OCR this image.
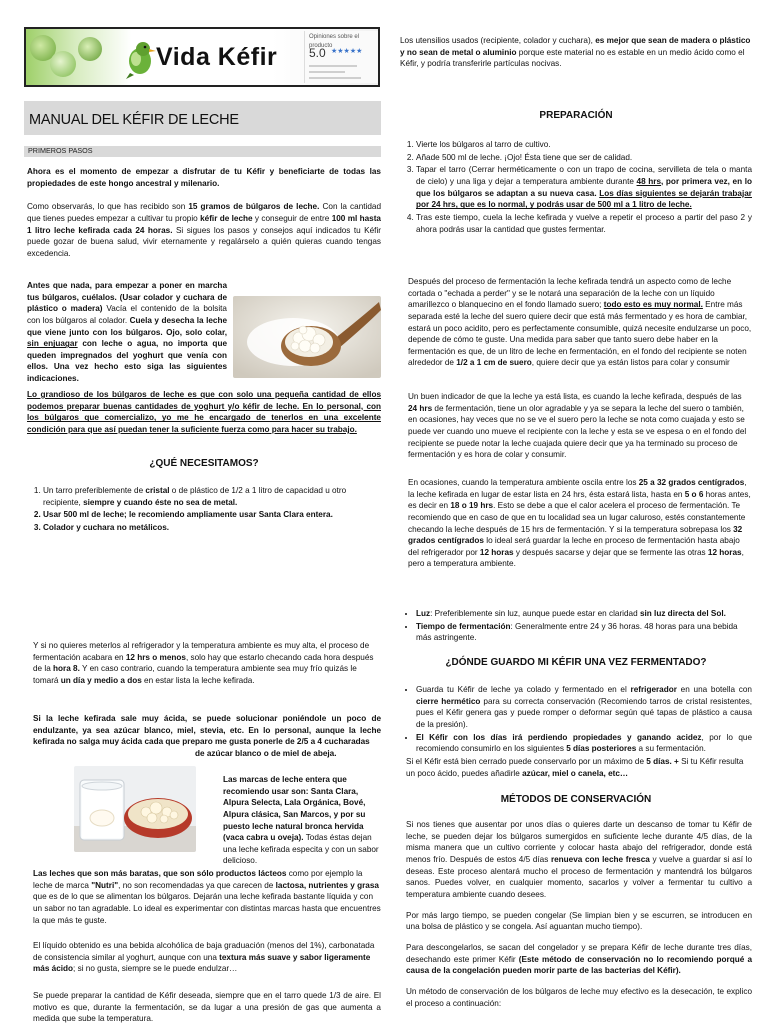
Vida Kéfir
Opiniones sobre el producto
5.0 ★★★★★
MANUAL DEL KÉFIR DE LECHE
PRIMEROS PASOS

Ahora es el momento de empezar a disfrutar de tu Kéfir y beneficiarte de todas las propiedades de este hongo ancestral y milenario.

Como observarás, lo que has recibido son 15 gramos de búlgaros de leche. Con la cantidad que tienes puedes empezar a cultivar tu propio kéfir de leche y conseguir de entre 100 ml hasta 1 litro leche kefirada cada 24 horas. Si sigues los pasos y consejos aquí indicados tu Kéfir puede gozar de buena salud, vivir eternamente y regalárselo a quién quieras cuando tengas excedencia.

Antes que nada, para empezar a poner en marcha tus búlgaros, cuélalos. (Usar colador y cuchara de plástico o madera) Vacía el contenido de la bolsita con los búlgaros al colador. Cuela y desecha la leche que viene junto con los búlgaros. Ojo, solo colar, sin enjuagar con leche o agua, no importa que queden impregnados del yoghurt que venía con ellos. Una vez hecho esto siga las siguientes indicaciones.

Lo grandioso de los búlgaros de leche es que con solo una pequeña cantidad de ellos podemos preparar buenas cantidades de yoghurt y/o kéfir de leche. En lo personal, con los búlgaros que comercializo, yo me he encargado de tenerlos en una excelente condición para que así puedan tener la suficiente fuerza como para hacer su trabajo.

¿QUÉ NECESITAMOS?
1. Un tarro preferiblemente de cristal o de plástico de 1/2 a 1 litro de capacidad u otro recipiente, siempre y cuando éste no sea de metal.
2. Usar 500 ml de leche; le recomiendo ampliamente usar Santa Clara entera.
3. Colador y cuchara no metálicos.

Los utensilios usados (recipiente, colador y cuchara), es mejor que sean de madera o plástico y no sean de metal o aluminio porque este material no es estable en un medio ácido como el Kéfir, y podría transferirle partículas nocivas.

PREPARACIÓN
1. Vierte los búlgaros al tarro de cultivo.
2. Añade 500 ml de leche. ¡Ojo! Ésta tiene que ser de calidad.
3. Tapar el tarro (Cerrar herméticamente o con un trapo de cocina, servilleta de tela o manta de cielo) y una liga y dejar a temperatura ambiente durante 48 hrs, por primera vez, en lo que los búlgaros se adaptan a su nueva casa. Los días siguientes se dejarán trabajar por 24 hrs, que es lo normal, y podrás usar de 500 ml a 1 litro de leche.
4. Tras este tiempo, cuela la leche kefirada y vuelve a repetir el proceso a partir del paso 2 y ahora podrás usar la cantidad que gustes fermentar.

Después del proceso de fermentación la leche kefirada tendrá un aspecto como de leche cortada o "echada a perder" y se le notará una separación de la leche con un líquido amarillezco o blanquecino en el fondo llamado suero; todo esto es muy normal. Entre más separada esté la leche del suero quiere decir que está más fermentado y es hora de cambiar, estará un poco acidito, pero es perfectamente consumible, quizá necesite endulzarse un poco, depende de cómo te guste. Una medida para saber que tanto suero debe haber en la fermentación es que, de un litro de leche en fermentación, en el fondo del recipiente se noten alrededor de 1/2 a 1 cm de suero, quiere decir que ya están listos para colar y consumir

Un buen indicador de que la leche ya está lista, es cuando la leche kefirada, después de las 24 hrs de fermentación, tiene un olor agradable y ya se separa la leche del suero o también, en ocasiones, hay veces que no se ve el suero pero la leche se nota como cuajada y esto se puede ver cuando uno mueve el recipiente con la leche y esta se ve espesa o en el fondo del recipiente se puede notar la leche cuajada quiere decir que ya ha terminado su proceso de fermentación y es hora de colar y consumir.

En ocasiones, cuando la temperatura ambiente oscila entre los 25 a 32 grados centígrados, la leche kefirada en lugar de estar lista en 24 hrs, ésta estará lista, hasta en 5 o 6 horas antes, es decir en 18 o 19 hrs. Esto se debe a que el calor acelera el proceso de fermentación. Te recomiendo que en caso de que en tu localidad sea un lugar caluroso, estés constantemente checando la leche después de 15 hrs de fermentación. Y si la temperatura sobrepasa los 32 grados centígrados lo ideal será guardar la leche en proceso de fermentación hasta abajo del refrigerador por 12 horas y después sacarse y dejar que se fermente las otras 12 horas, pero a temperatura ambiente.

Y si no quieres meterlos al refrigerador y la temperatura ambiente es muy alta, el proceso de fermentación acabara en 12 hrs o menos, solo hay que estarlo checando cada hora después de la hora 8. Y en caso contrario, cuando la temperatura ambiente sea muy frío quizás le tomará un día y medio a dos en estar lista la leche kefirada.

Si la leche kefirada sale muy ácida, se puede solucionar poniéndole un poco de endulzante, ya sea azúcar blanco, miel, stevia, etc. En lo personal, aunque la leche kefirada no salga muy ácida cada que preparo me gusta ponerle de 2/5 a 4 cucharadas

de azúcar blanco o de miel de abeja.

Las marcas de leche entera que recomiendo usar son: Santa Clara, Alpura Selecta, Lala Orgánica, Bové, Alpura clásica, San Marcos, y por su puesto leche natural bronca hervida (vaca cabra u oveja). Todas éstas dejan una leche kefirada especita y con un sabor delicioso.

Las leches que son más baratas, que son sólo productos lácteos como por ejemplo la leche de marca "Nutri", no son recomendadas ya que carecen de lactosa, nutrientes y grasa que es de lo que se alimentan los búlgaros. Dejarán una leche kefirada bastante líquida y con un sabor no tan agradable. Lo ideal es experimentar con distintas marcas hasta que encuentres la que más te guste.

El líquido obtenido es una bebida alcohólica de baja graduación (menos del 1%), carbonatada de consistencia similar al yoghurt, aunque con una textura más suave y sabor ligeramente más ácido; si no gusta, siempre se le puede endulzar…

Se puede preparar la cantidad de Kéfir deseada, siempre que en el tarro quede 1/3 de aire. El motivo es que, durante la fermentación, se da lugar a una presión de gas que aumenta a medida que sube la temperatura.

• Luz: Preferiblemente sin luz, aunque puede estar en claridad sin luz directa del Sol.
• Tiempo de fermentación: Generalmente entre 24 y 36 horas. 48 horas para una bebida más astringente.
¿DÓNDE GUARDO MI KÉFIR UNA VEZ FERMENTADO?
• Guarda tu Kéfir de leche ya colado y fermentado en el refrigerador en una botella con cierre hermético para su correcta conservación (Recomiendo tarros de cristal resistentes, pues el Kéfir genera gas y puede romper o deformar según qué tapas de plástico a causa de la presión).
• El Kéfir con los días irá perdiendo propiedades y ganando acidez, por lo que recomiendo consumirlo en los siguientes 5 días posteriores a su fermentación.

Si el Kéfir está bien cerrado puede conservarlo por un máximo de 5 días. + Si tu Kéfir resulta un poco ácido, puedes añadirle azúcar, miel o canela, etc…

MÉTODOS DE CONSERVACIÓN

Si nos tienes que ausentar por unos días o quieres darte un descanso de tomar tu Kéfir de leche, se pueden dejar los búlgaros sumergidos en suficiente leche durante 4/5 días, de la misma manera que un cultivo corriente y colocar hasta abajo del refrigerador, donde está menos frío. Después de estos 4/5 días renueva con leche fresca y vuelve a guardar si así lo deseas. Este proceso alentará mucho el proceso de fermentación y mantendrá los búlgaros sanos. Puedes volver, en cualquier momento, sacarlos y volver a fermentar tu cultivo a temperatura ambiente cuando desees.

Por más largo tiempo, se pueden congelar (Se limpian bien y se escurren, se introducen en una bolsa de plástico y se congela. Así aguantan mucho tiempo).

Para descongelarlos, se sacan del congelador y se prepara Kéfir de leche durante tres días, desechando este primer Kéfir (Este método de conservación no lo recomiendo porqué a causa de la congelación pueden morir parte de las bacterias del Kéfir).

Un método de conservación de los búlgaros de leche muy efectivo es la desecación, te explico el proceso a continuación:
